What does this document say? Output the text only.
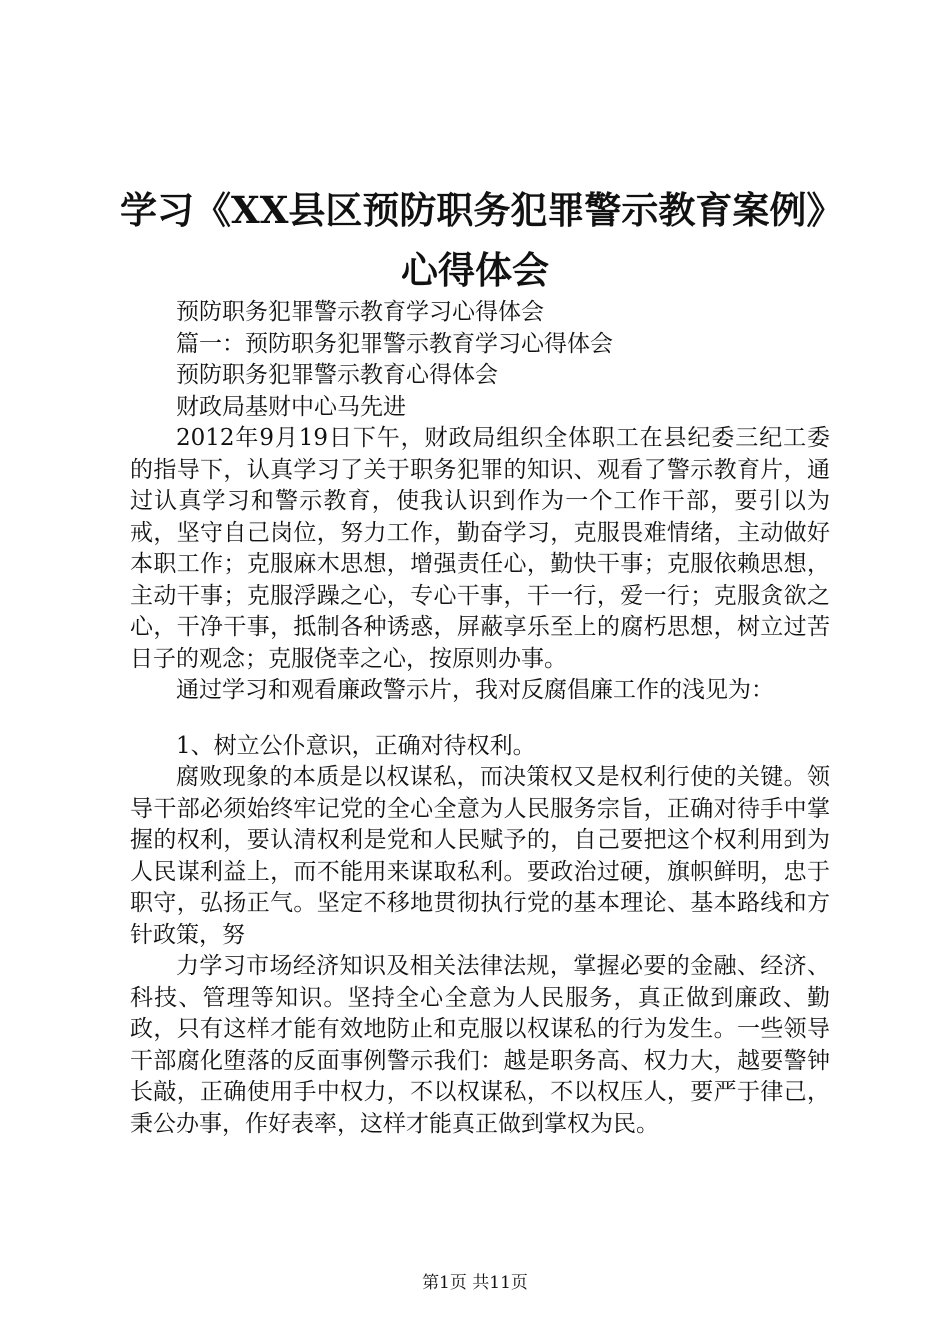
学习《XX县区预防职务犯罪警示教育案例》
心得体会

预防职务犯罪警示教育学习心得体会

篇一：预防职务犯罪警示教育学习心得体会

预防职务犯罪警示教育心得体会

财政局基财中心马先进

2012年9月19日下午，财政局组织全体职工在县纪委三纪工委的指导下，认真学习了关于职务犯罪的知识、观看了警示教育片，通过认真学习和警示教育，使我认识到作为一个工作干部，要引以为戒，坚守自己岗位，努力工作，勤奋学习，克服畏难情绪，主动做好本职工作；克服麻木思想，增强责任心，勤快干事；克服依赖思想，主动干事；克服浮躁之心，专心干事，干一行，爱一行；克服贪欲之心，干净干事，抵制各种诱惑，屏蔽享乐至上的腐朽思想，树立过苦日子的观念；克服侥幸之心，按原则办事。

通过学习和观看廉政警示片，我对反腐倡廉工作的浅见为：

1、树立公仆意识，正确对待权利。

腐败现象的本质是以权谋私，而决策权又是权利行使的关键。领导干部必须始终牢记党的全心全意为人民服务宗旨，正确对待手中掌握的权利，要认清权利是党和人民赋予的，自己要把这个权利用到为人民谋利益上，而不能用来谋取私利。要政治过硬，旗帜鲜明，忠于职守，弘扬正气。坚定不移地贯彻执行党的基本理论、基本路线和方针政策，努

力学习市场经济知识及相关法律法规，掌握必要的金融、经济、科技、管理等知识。坚持全心全意为人民服务，真正做到廉政、勤政，只有这样才能有效地防止和克服以权谋私的行为发生。一些领导干部腐化堕落的反面事例警示我们：越是职务高、权力大，越要警钟长敲，正确使用手中权力，不以权谋私，不以权压人，要严于律己，秉公办事，作好表率，这样才能真正做到掌权为民。

第1页 共11页
